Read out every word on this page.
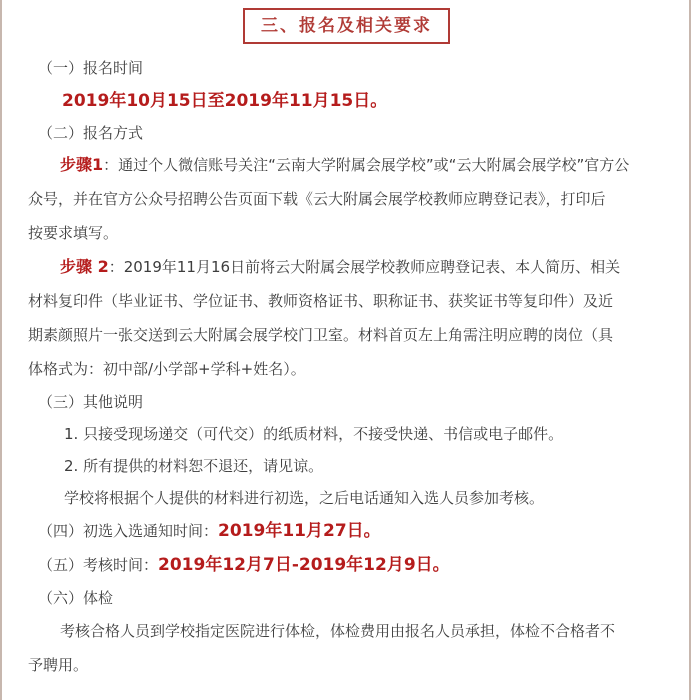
三、报名及相关要求

（一）报名时间

2019年10月15日至2019年11月15日。

（二）报名方式

步骤1：通过个人微信账号关注“云南大学附属会展学校”或“云大附属会展学校”官方公

众号，并在官方公众号招聘公告页面下载《云大附属会展学校教师应聘登记表》，打印后

按要求填写。

步骤 2：2019年11月16日前将云大附属会展学校教师应聘登记表、本人简历、相关

材料复印件（毕业证书、学位证书、教师资格证书、职称证书、获奖证书等复印件）及近

期素颜照片一张交送到云大附属会展学校门卫室。材料首页左上角需注明应聘的岗位（具

体格式为：初中部/小学部+学科+姓名）。

（三）其他说明

1. 只接受现场递交（可代交）的纸质材料，不接受快递、书信或电子邮件。

2. 所有提供的材料恕不退还，请见谅。

学校将根据个人提供的材料进行初选，之后电话通知入选人员参加考核。

（四）初选入选通知时间：2019年11月27日。

（五）考核时间：2019年12月7日-2019年12月9日。

（六）体检

考核合格人员到学校指定医院进行体检，体检费用由报名人员承担，体检不合格者不

予聘用。
